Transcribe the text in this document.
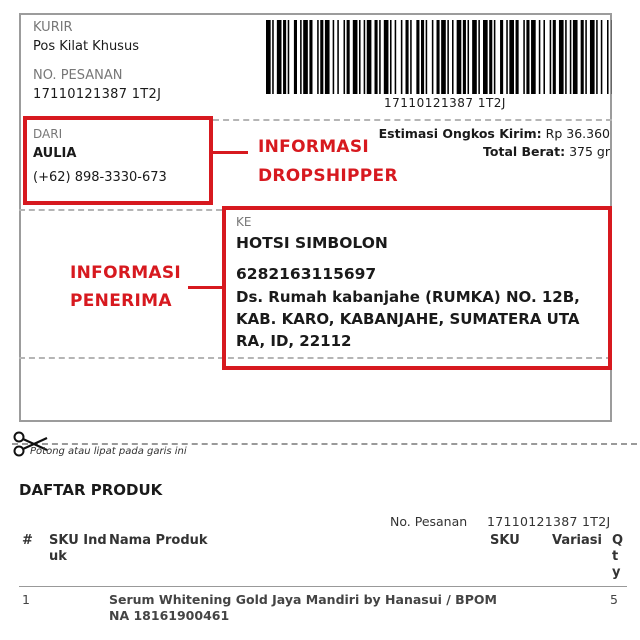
KURIR
Pos Kilat Khusus
NO. PESANAN
17110121387 1T2J
17110121387 1T2J
DARI
AULIA
(+62) 898-3330-673
Estimasi Ongkos Kirim: Rp 36.360
Total Berat: 375 gr
INFORMASI
DROPSHIPPER
KE
HOTSI SIMBOLON
6282163115697
Ds. Rumah kabanjahe (RUMKA) NO. 12B,
KAB. KARO, KABANJAHE, SUMATERA UTA
RA, ID, 22112
INFORMASI
PENERIMA
Potong atau lipat pada garis ini
DAFTAR PRODUK
No. Pesanan 17110121387 1T2J
# SKU Ind
uk
Nama Produk	SKU Variasi Q
t
y
1	Serum Whitening Gold Jaya Mandiri by Hanasui / BPOM
NA 18161900461
5
